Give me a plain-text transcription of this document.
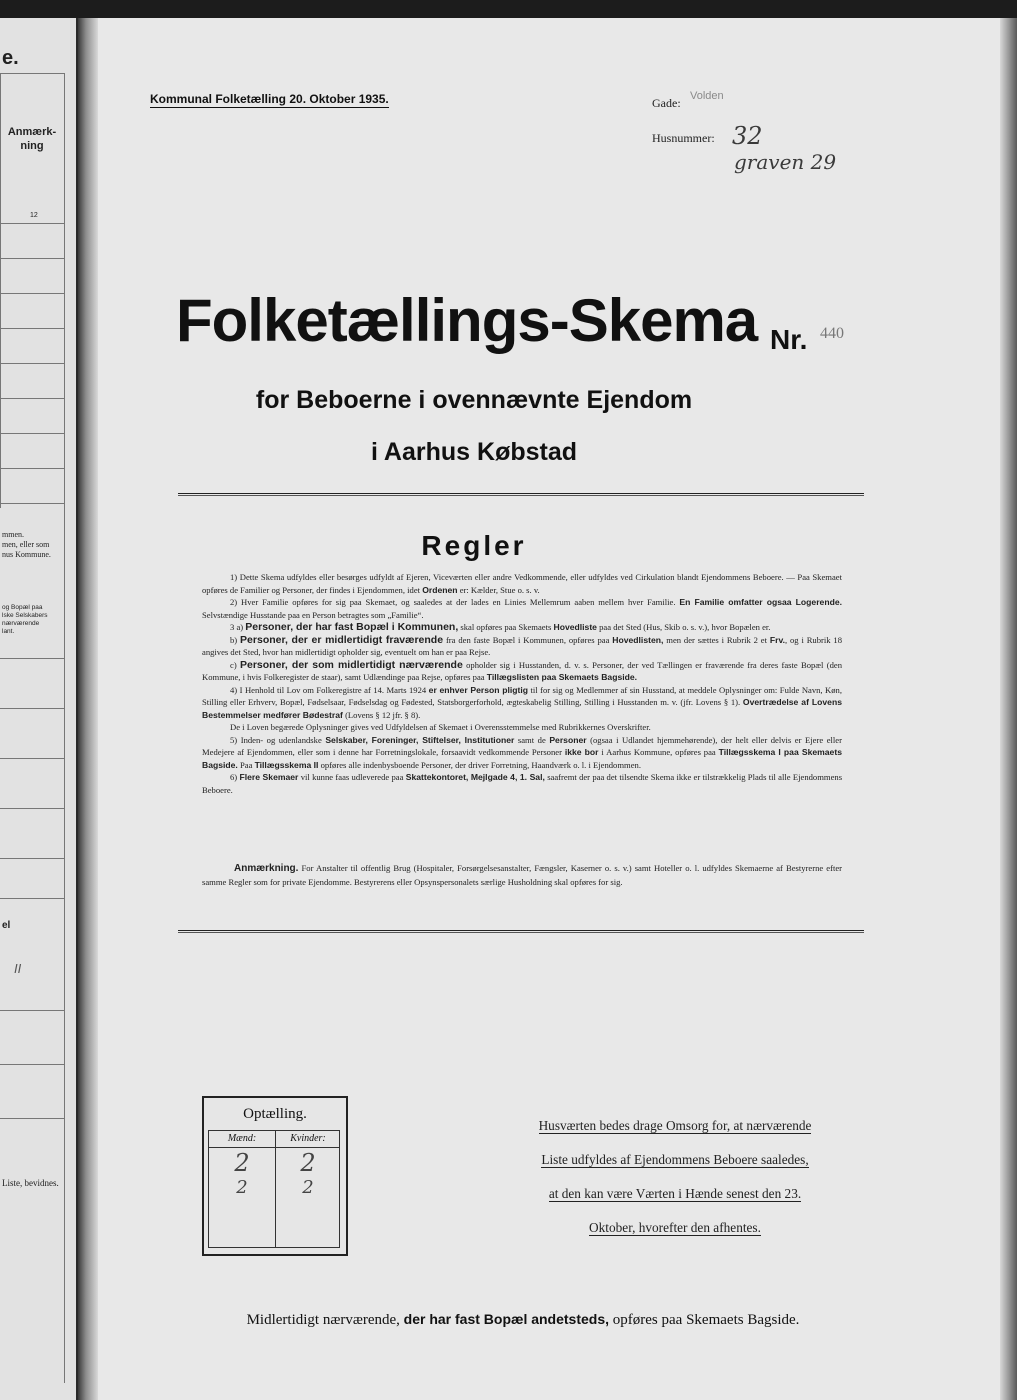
e.
Anmærk-
ning
12
mmen.
men, eller som
nus Kommune.
og Bopæl paa
lske Selskabers
nærværende
lant.
el
II
Liste, bevidnes.
Kommunal Folketælling 20. Oktober 1935.	Gade: Volden
Husnummer: 32
graven 29
Folketællings-Skema Nr. 440
for Beboerne i ovennævnte Ejendom
i Aarhus Købstad
Regler

1) Dette Skema udfyldes eller besørges udfyldt af Ejeren, Viceværten eller andre Vedkommende, eller udfyldes ved Cirkulation blandt Ejendommens Beboere. — Paa Skemaet opføres de Familier og Personer, der findes i Ejendommen, idet Ordenen er: Kælder, Stue o. s. v.

2) Hver Familie opføres for sig paa Skemaet, og saaledes at der lades en Linies Mellemrum aaben mellem hver Familie. En Familie omfatter ogsaa Logerende. Selvstændige Husstande paa en Person betragtes som „Familie“.

3 a) Personer, der har fast Bopæl i Kommunen, skal opføres paa Skemaets Hovedliste paa det Sted (Hus, Skib o. s. v.), hvor Bopælen er.

b) Personer, der er midlertidigt fraværende fra den faste Bopæl i Kommunen, opføres paa Hovedlisten, men der sættes i Rubrik 2 et Frv., og i Rubrik 18 angives det Sted, hvor han midlertidigt opholder sig, eventuelt om han er paa Rejse.

c) Personer, der som midlertidigt nærværende opholder sig i Husstanden, d. v. s. Personer, der ved Tællingen er fraværende fra deres faste Bopæl (den Kommune, i hvis Folkeregister de staar), samt Udlændinge paa Rejse, opføres paa Tillægslisten paa Skemaets Bagside.

4) I Henhold til Lov om Folkeregistre af 14. Marts 1924 er enhver Person pligtig til for sig og Medlemmer af sin Husstand, at meddele Oplysninger om: Fulde Navn, Køn, Stilling eller Erhverv, Bopæl, Fødselsaar, Fødselsdag og Fødested, Statsborgerforhold, ægteskabelig Stilling, Stilling i Husstanden m. v. (jfr. Lovens § 1). Overtrædelse af Lovens Bestemmelser medfører Bødestraf (Lovens § 12 jfr. § 8).

De i Loven begærede Oplysninger gives ved Udfyldelsen af Skemaet i Overensstemmelse med Rubrikkernes Overskrifter.

5) Inden- og udenlandske Selskaber, Foreninger, Stiftelser, Institutioner samt de Personer (ogsaa i Udlandet hjemmehørende), der helt eller delvis er Ejere eller Medejere af Ejendommen, eller som i denne har Forretningslokale, forsaavidt vedkommende Personer ikke bor i Aarhus Kommune, opføres paa Tillægsskema I paa Skemaets Bagside. Paa Tillægsskema II opføres alle indenbysboende Personer, der driver Forretning, Haandværk o. l. i Ejendommen.

6) Flere Skemaer vil kunne faas udleverede paa Skattekontoret, Mejlgade 4, 1. Sal, saafremt der paa det tilsendte Skema ikke er tilstrækkelig Plads til alle Ejendommens Beboere.

Anmærkning. For Anstalter til offentlig Brug (Hospitaler, Forsørgelsesanstalter, Fængsler, Kaserner o. s. v.) samt Hoteller o. l. udfyldes Skemaerne af Bestyrerne efter samme Regler som for private Ejendomme. Bestyrerens eller Opsynspersonalets særlige Husholdning skal opføres for sig.

Optælling.
Mænd:	Kvinder:
2	2
2	2
Husværten bedes drage Omsorg for, at nærværende
Liste udfyldes af Ejendommens Beboere saaledes,
at den kan være Værten i Hænde senest den 23.
Oktober, hvorefter den afhentes.
Midlertidigt nærværende, der har fast Bopæl andetsteds, opføres paa Skemaets Bagside.
